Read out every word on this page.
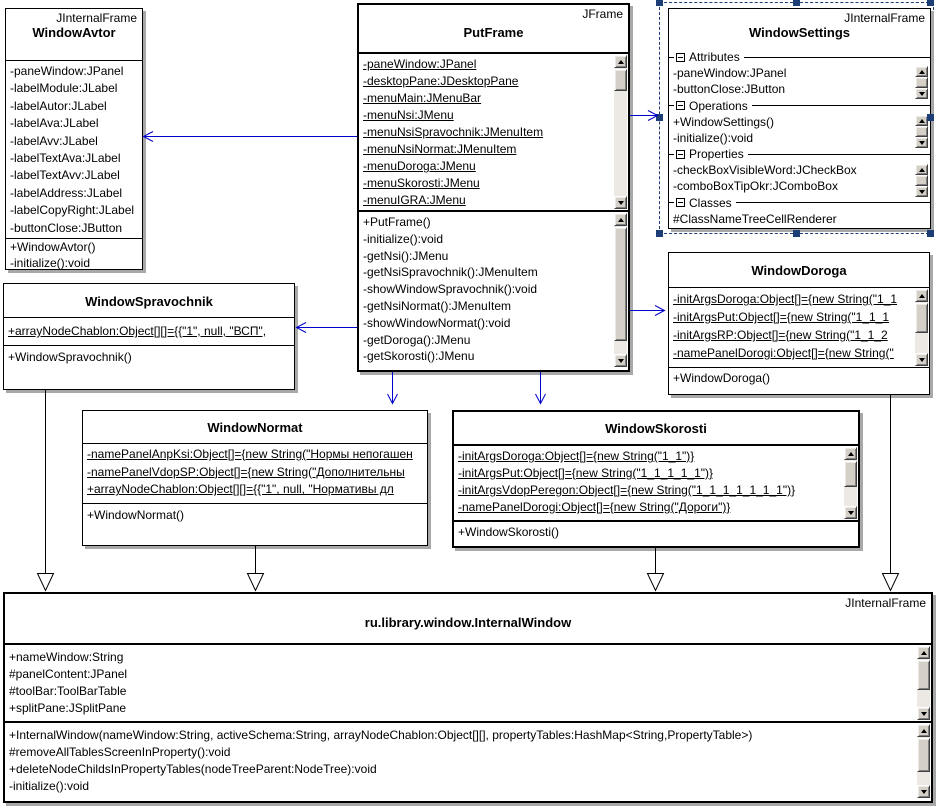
JInternalFrame
WindowAvtor
-paneWindow:JPanel
-labelModule:JLabel
-labelAutor:JLabel
-labelAva:JLabel
-labelAvv:JLabel
-labelTextAva:JLabel
-labelTextAvv:JLabel
-labelAddress:JLabel
-labelCopyRight:JLabel
-buttonClose:JButton
+WindowAvtor()
-initialize():void
JFrame
PutFrame
-paneWindow:JPanel
-desktopPane:JDesktopPane
-menuMain:JMenuBar
-menuNsi:JMenu
-menuNsiSpravochnik:JMenuItem
-menuNsiNormat:JMenuItem
-menuDoroga:JMenu
-menuSkorosti:JMenu
-menuIGRA:JMenu
+PutFrame()
-initialize():void
-getNsi():JMenu
-getNsiSpravochnik():JMenuItem
-showWindowSpravochnik():void
-getNsiNormat():JMenuItem
-showWindowNormat():void
-getDoroga():JMenu
-getSkorosti():JMenu
JInternalFrame
WindowSettings
Attributes
-paneWindow:JPanel
-buttonClose:JButton
Operations
+WindowSettings()
-initialize():void
Properties
-checkBoxVisibleWord:JCheckBox
-comboBoxTipOkr:JComboBox
Classes
#ClassNameTreeCellRenderer
WindowDoroga
-initArgsDoroga:Object[]={new String("1_1
-initArgsPut:Object[]={new String("1_1_1
-initArgsRP:Object[]={new String("1_1_2
-namePanelDorogi:Object[]={new String("
+WindowDoroga()
WindowSpravochnik
+arrayNodeChablon:Object[][]={{"1", null, "ВСП",
+WindowSpravochnik()
WindowNormat
-namePanelAnpKsi:Object[]={new String("Нормы непогашен
-namePanelVdopSP:Object[]={new String("Дополнительны
+arrayNodeChablon:Object[][]={{"1", null, "Нормативы дл
+WindowNormat()
WindowSkorosti
-initArgsDoroga:Object[]={new String("1_1")}
-initArgsPut:Object[]={new String("1_1_1_1_1")}
-initArgsVdopPeregon:Object[]={new String("1_1_1_1_1_1_1")}
-namePanelDorogi:Object[]={new String("Дороги")}
+WindowSkorosti()
JInternalFrame
ru.library.window.InternalWindow
+nameWindow:String
#panelContent:JPanel
#toolBar:ToolBarTable
+splitPane:JSplitPane
+InternalWindow(nameWindow:String, activeSchema:String, arrayNodeChablon:Object[][], propertyTables:HashMap<String,PropertyTable>)
#removeAllTablesScreenInProperty():void
+deleteNodeChildsInPropertyTables(nodeTreeParent:NodeTree):void
-initialize():void
